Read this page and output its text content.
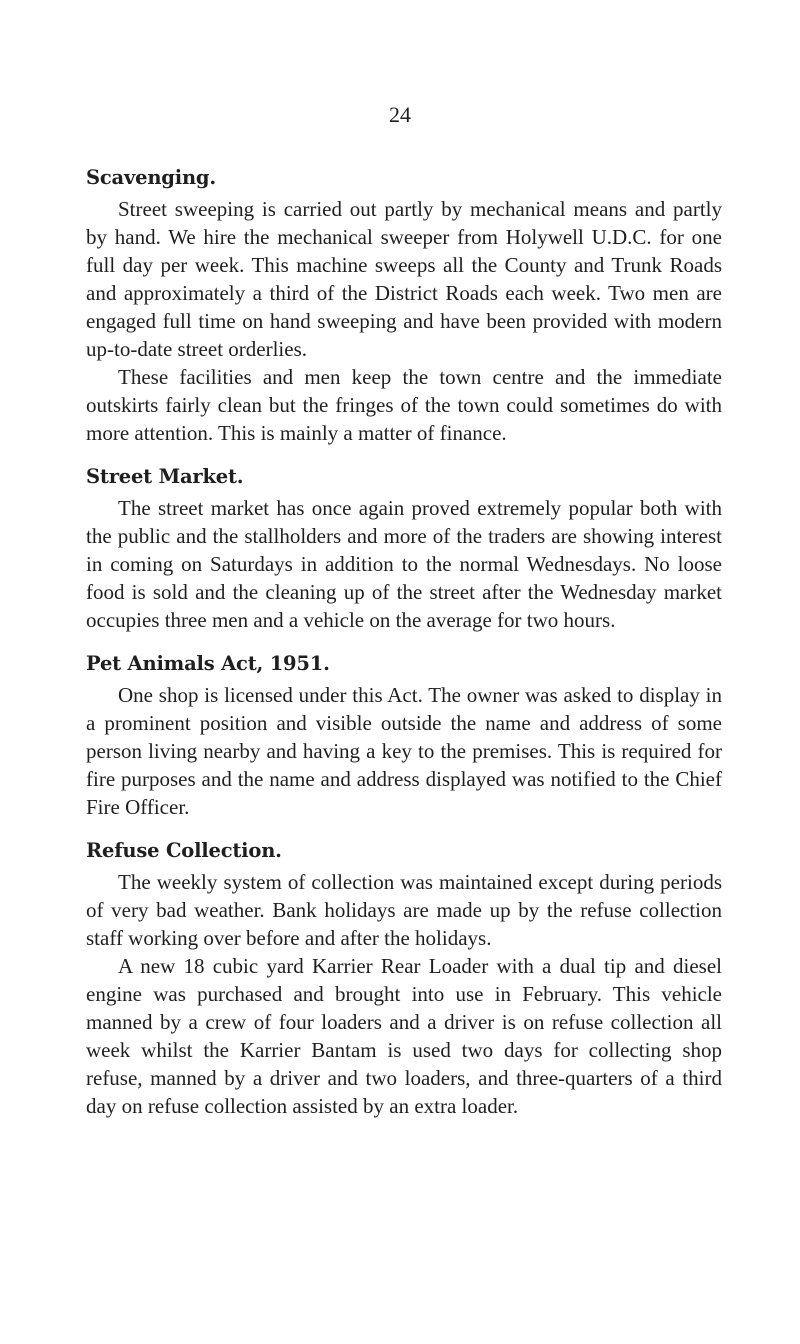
24
Scavenging.

Street sweeping is carried out partly by mechanical means and partly by hand. We hire the mechanical sweeper from Holywell U.D.C. for one full day per week. This machine sweeps all the County and Trunk Roads and approximately a third of the District Roads each week. Two men are engaged full time on hand sweeping and have been provided with modern up-to-date street orderlies.

These facilities and men keep the town centre and the immediate outskirts fairly clean but the fringes of the town could sometimes do with more attention. This is mainly a matter of finance.

Street Market.

The street market has once again proved extremely popular both with the public and the stallholders and more of the traders are showing interest in coming on Saturdays in addition to the normal Wednesdays. No loose food is sold and the cleaning up of the street after the Wednesday market occupies three men and a vehicle on the average for two hours.

Pet Animals Act, 1951.

One shop is licensed under this Act. The owner was asked to display in a prominent position and visible outside the name and address of some person living nearby and having a key to the premises. This is required for fire purposes and the name and address displayed was notified to the Chief Fire Officer.

Refuse Collection.

The weekly system of collection was maintained except during periods of very bad weather. Bank holidays are made up by the refuse collection staff working over before and after the holidays.

A new 18 cubic yard Karrier Rear Loader with a dual tip and diesel engine was purchased and brought into use in February. This vehicle manned by a crew of four loaders and a driver is on refuse collection all week whilst the Karrier Bantam is used two days for collecting shop refuse, manned by a driver and two loaders, and three-quarters of a third day on refuse collection assisted by an extra loader.
